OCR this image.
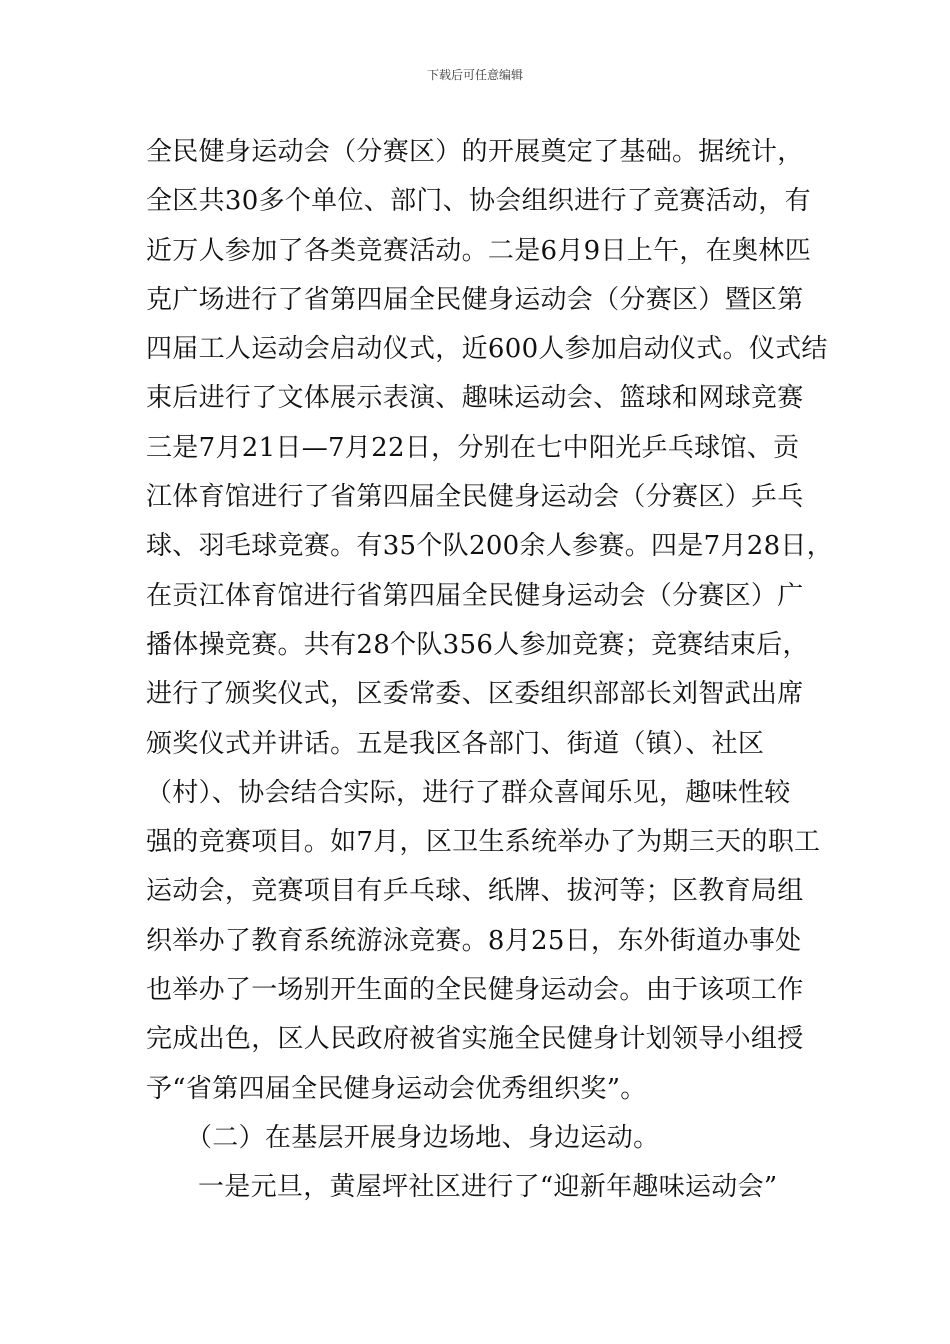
下载后可任意编辑
全民健身运动会（分赛区）的开展奠定了基础。据统计，
全区共30多个单位、部门、协会组织进行了竞赛活动，有
近万人参加了各类竞赛活动。二是6月9日上午，在奥林匹
克广场进行了省第四届全民健身运动会（分赛区）暨区第
四届工人运动会启动仪式，近600人参加启动仪式。仪式结
束后进行了文体展示表演、趣味运动会、篮球和网球竞赛
三是7月21日—7月22日，分别在七中阳光乒乓球馆、贡
江体育馆进行了省第四届全民健身运动会（分赛区）乒乓
球、羽毛球竞赛。有35个队200余人参赛。四是7月28日，
在贡江体育馆进行省第四届全民健身运动会（分赛区）广
播体操竞赛。共有28个队356人参加竞赛；竞赛结束后，
进行了颁奖仪式，区委常委、区委组织部部长刘智武出席
颁奖仪式并讲话。五是我区各部门、街道（镇）、社区
（村）、协会结合实际，进行了群众喜闻乐见，趣味性较
强的竞赛项目。如7月，区卫生系统举办了为期三天的职工
运动会，竞赛项目有乒乓球、纸牌、拔河等；区教育局组
织举办了教育系统游泳竞赛。8月25日，东外街道办事处
也举办了一场别开生面的全民健身运动会。由于该项工作
完成出色，区人民政府被省实施全民健身计划领导小组授
予“省第四届全民健身运动会优秀组织奖”。
（二）在基层开展身边场地、身边运动。
一是元旦，黄屋坪社区进行了“迎新年趣味运动会”
